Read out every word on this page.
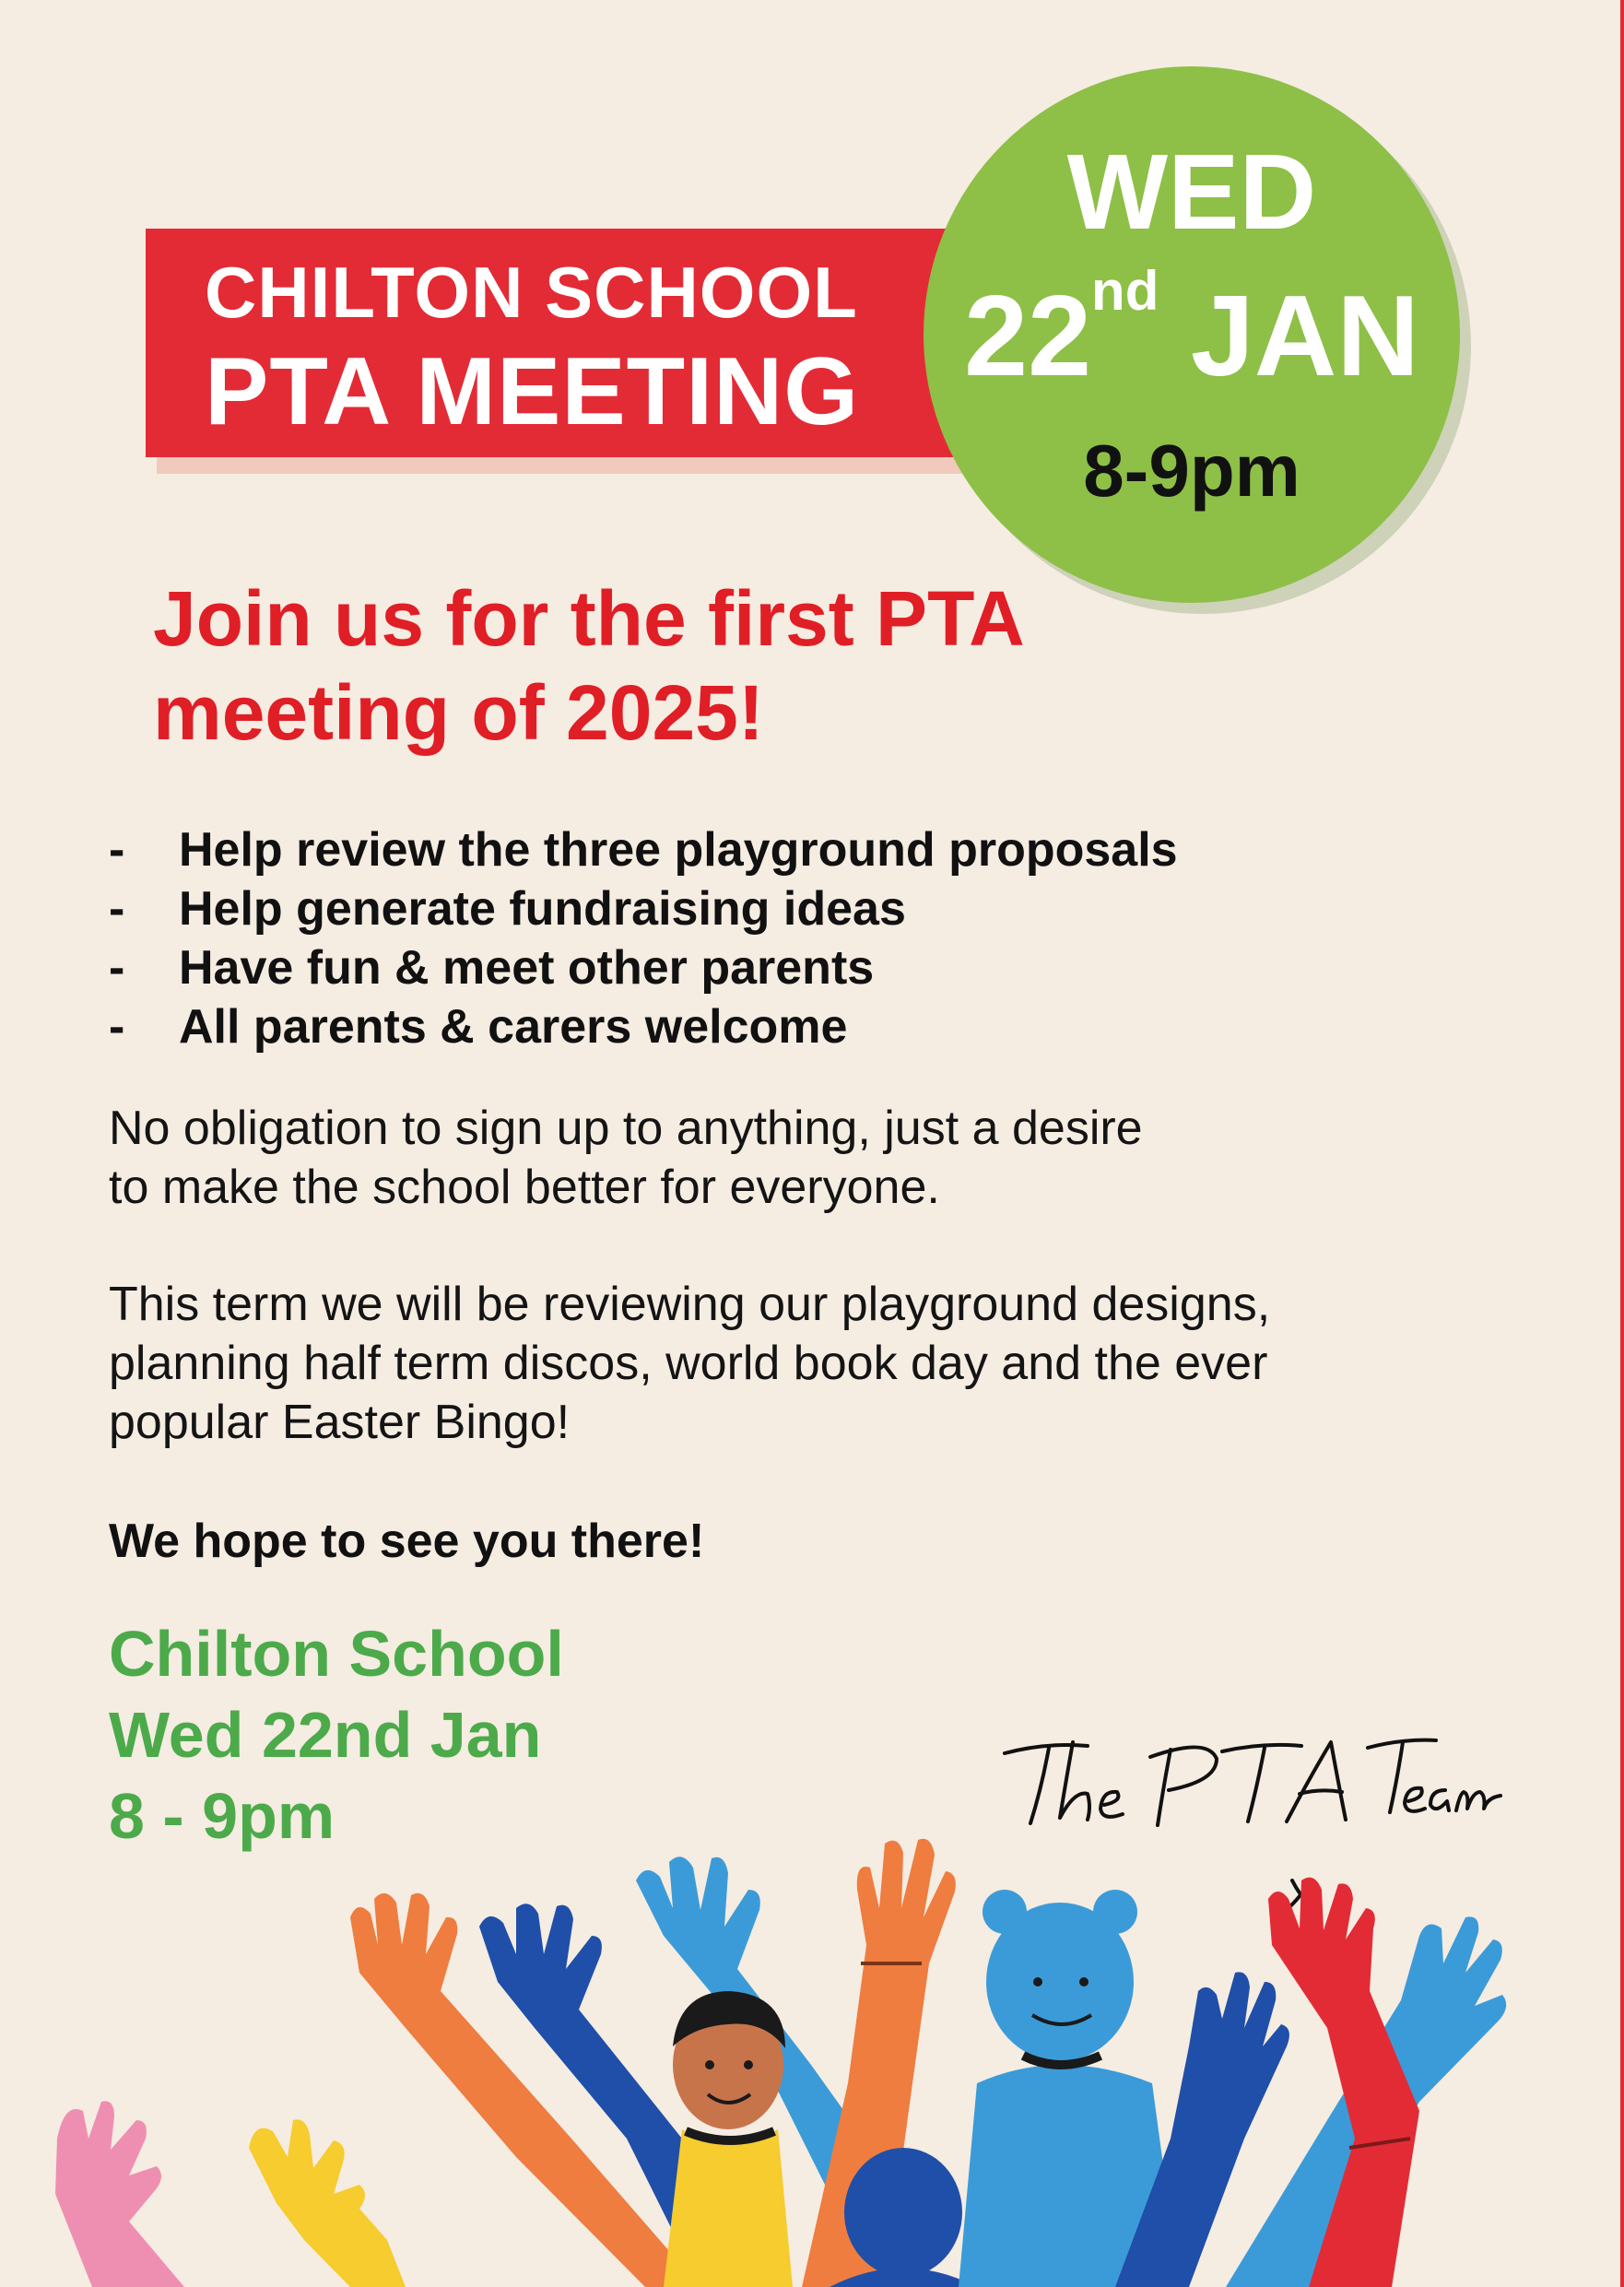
CHILTON SCHOOL
PTA MEETING
WED
22nd JAN
8-9pm
Join us for the first PTA
meeting of 2025!
- Help review the three playground proposals
- Help generate fundraising ideas
- Have fun & meet other parents
- All parents & carers welcome
No obligation to sign up to anything, just a desire
to make the school better for everyone.
This term we will be reviewing our playground designs,
planning half term discos, world book day and the ever
popular Easter Bingo!
We hope to see you there!
Chilton School
Wed 22nd Jan
8 - 9pm
